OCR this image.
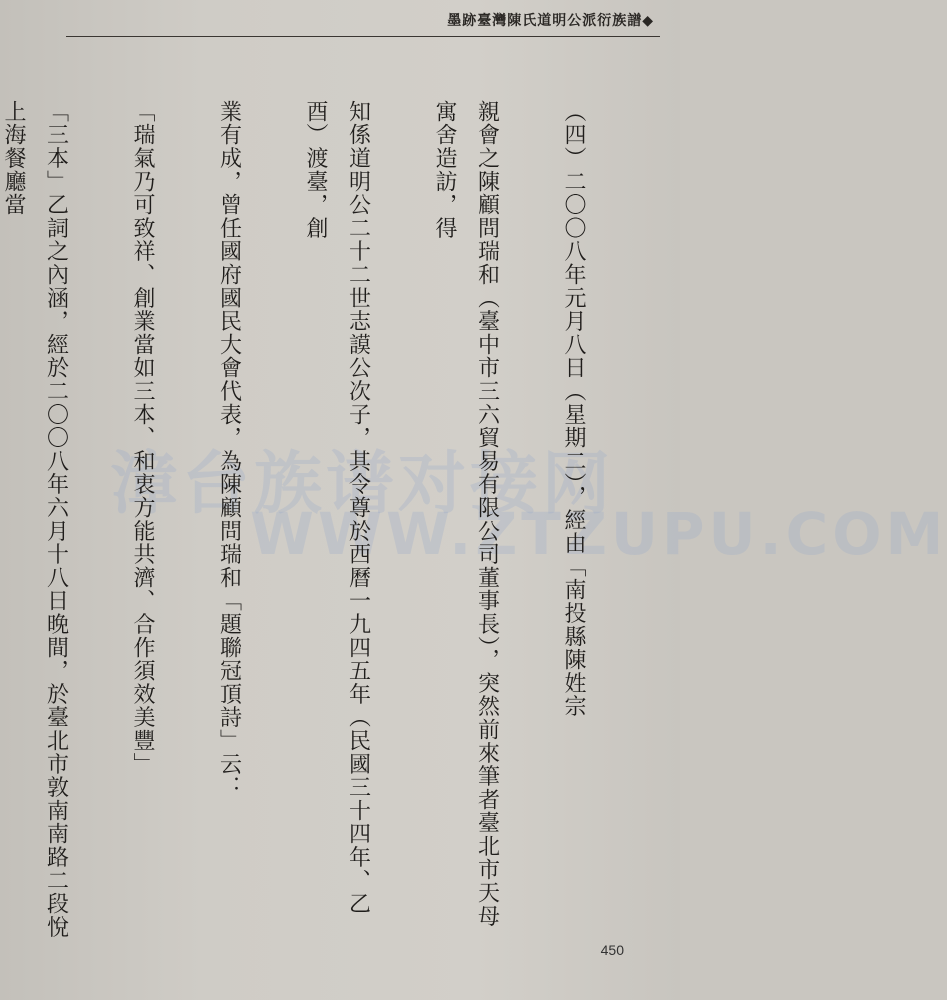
墨跡臺灣陳氏道明公派衍族譜◆
漳台族谱对接网
WWW.ZTZUPU.COM
（四）二〇〇八年元月八日（星期二），經由「南投縣陳姓宗
親會之陳顧問瑞和（臺中市三六貿易有限公司董事長），突然前來筆者臺北市天母寓舍造訪，得
知係道明公二十二世志謨公次子，其令尊於西曆一九四五年（民國三十四年、乙酉）渡臺，創
業有成，曾任國府國民大會代表，為陳顧問瑞和「題聯冠頂詩」云：
「瑞氣乃可致祥、創業當如三本、和衷方能共濟、合作須效美豐」
「三本」乙詞之內涵，經於二〇〇八年六月十八日晚間，於臺北市敦南南路二段悅上海餐廳當
450
